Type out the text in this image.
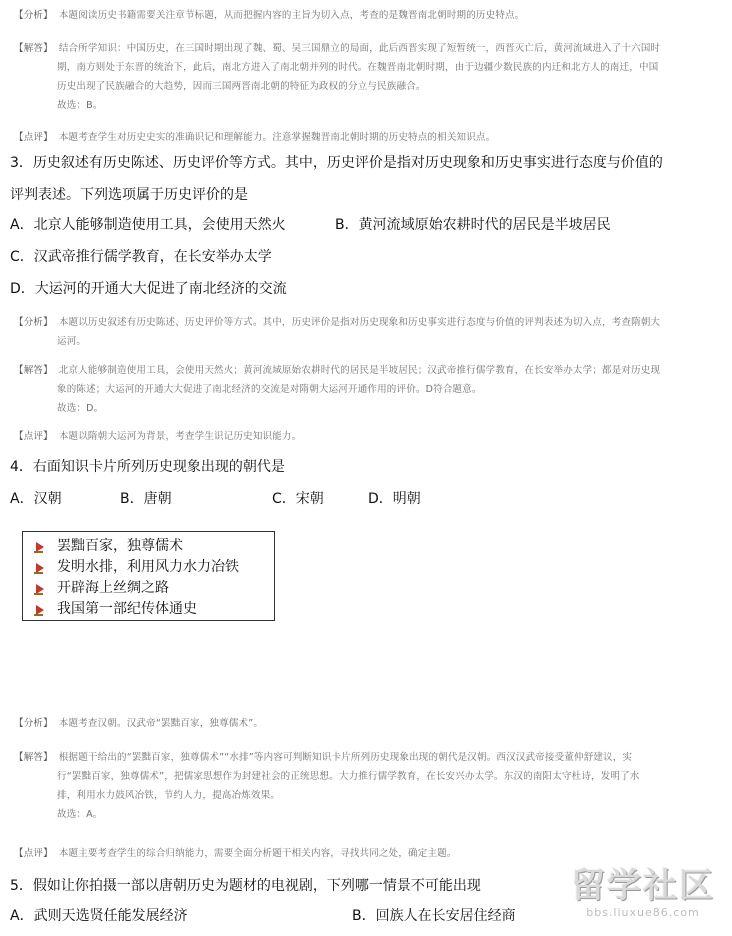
【分析】 本题阅读历史书籍需要关注章节标题，从而把握内容的主旨为切入点，考查的是魏晋南北朝时期的历史特点。
【解答】 结合所学知识：中国历史，在三国时期出现了魏、蜀、吴三国鼎立的局面，此后西晋实现了短暂统一，西晋灭亡后，黄河流域进入了十六国时
期，南方则处于东晋的统治下，此后，南北方进入了南北朝并列的时代。在魏晋南北朝时期，由于边疆少数民族的内迁和北方人的南迁，中国
历史出现了民族融合的大趋势，因而三国两晋南北朝的特征为政权的分立与民族融合。
故选：B。
【点评】 本题考查学生对历史史实的准确识记和理解能力。注意掌握魏晋南北朝时期的历史特点的相关知识点。
3．历史叙述有历史陈述、历史评价等方式。其中，历史评价是指对历史现象和历史事实进行态度与价值的
评判表述。下列选项属于历史评价的是
A．北京人能够制造使用工具，会使用天然火	B．黄河流域原始农耕时代的居民是半坡居民
C．汉武帝推行儒学教育，在长安举办太学
D．大运河的开通大大促进了南北经济的交流
【分析】 本题以历史叙述有历史陈述、历史评价等方式。其中，历史评价是指对历史现象和历史事实进行态度与价值的评判表述为切入点，考查隋朝大
运河。
【解答】 北京人能够制造使用工具，会使用天然火；黄河流域原始农耕时代的居民是半坡居民；汉武帝推行儒学教育，在长安举办太学；都是对历史现
象的陈述；大运河的开通大大促进了南北经济的交流是对隋朝大运河开通作用的评价。D符合题意。
故选：D。
【点评】 本题以隋朝大运河为背景，考查学生识记历史知识能力。
4．右面知识卡片所列历史现象出现的朝代是
A．汉朝	B．唐朝	C．宋朝	D．明朝
罢黜百家，独尊儒术
发明水排，利用风力水力冶铁
开辟海上丝绸之路
我国第一部纪传体通史
【分析】 本题考查汉朝。汉武帝“罢黜百家，独尊儒术”。
【解答】 根据题干给出的“罢黜百家，独尊儒术”“水排”等内容可判断知识卡片所列历史现象出现的朝代是汉朝。西汉汉武帝接受董仲舒建议，实
行“罢黜百家，独尊儒术”，把儒家思想作为封建社会的正统思想。大力推行儒学教育，在长安兴办太学。东汉的南阳太守杜诗，发明了水
排，利用水力鼓风冶铁，节约人力，提高冶炼效果。
故选：A。
【点评】 本题主要考查学生的综合归纳能力，需要全面分析题干相关内容，寻找共同之处，确定主题。
5．假如让你拍摄一部以唐朝历史为题材的电视剧，下列哪一情景不可能出现
A．武则天选贤任能发展经济	B．回族人在长安居住经商
留学社区
bbs.liuxue86.com
